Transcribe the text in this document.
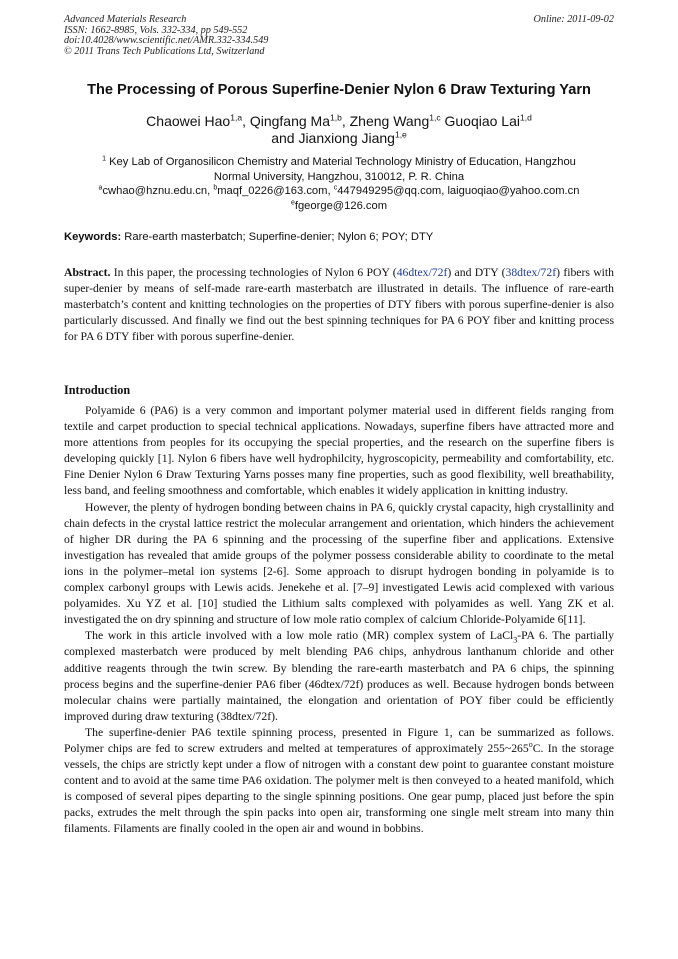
Advanced Materials Research
ISSN: 1662-8985, Vols. 332-334, pp 549-552
doi:10.4028/www.scientific.net/AMR.332-334.549
© 2011 Trans Tech Publications Ltd, Switzerland
Online: 2011-09-02
The Processing of Porous Superfine-Denier Nylon 6 Draw Texturing Yarn
Chaowei Hao$^{1,a}$, Qingfang Ma$^{1,b}$, Zheng Wang$^{1,c}$ Guoqiao Lai$^{1,d}$
and Jianxiong Jiang$^{1,e}$
$^1$ Key Lab of Organosilicon Chemistry and Material Technology Ministry of Education, Hangzhou
Normal University, Hangzhou, 310012, P. R. China
$^a$cwhao@hznu.edu.cn, $^b$maqf_0226@163.com, $^c$447949295@qq.com, laiguoqiao@yahoo.com.cn
$^e$fgeorge@126.com
Keywords: Rare-earth masterbatch; Superfine-denier; Nylon 6; POY; DTY
Abstract. In this paper, the processing technologies of Nylon 6 POY (46dtex/72f) and DTY (38dtex/72f) fibers with super-denier by means of self-made rare-earth masterbatch are illustrated in details. The influence of rare-earth masterbatch’s content and knitting technologies on the properties of DTY fibers with porous superfine-denier is also particularly discussed. And finally we find out the best spinning techniques for PA 6 POY fiber and knitting process for PA 6 DTY fiber with porous superfine-denier.
Introduction

Polyamide 6 (PA6) is a very common and important polymer material used in different fields ranging from textile and carpet production to special technical applications. Nowadays, superfine fibers have attracted more and more attentions from peoples for its occupying the special properties, and the research on the superfine fibers is developing quickly [1]. Nylon 6 fibers have well hydrophilcity, hygroscopicity, permeability and comfortability, etc. Fine Denier Nylon 6 Draw Texturing Yarns posses many fine properties, such as good flexibility, well breathability, less band, and feeling smoothness and comfortable, which enables it widely application in knitting industry.

However, the plenty of hydrogen bonding between chains in PA 6, quickly crystal capacity, high crystallinity and chain defects in the crystal lattice restrict the molecular arrangement and orientation, which hinders the achievement of higher DR during the PA 6 spinning and the processing of the superfine fiber and applications. Extensive investigation has revealed that amide groups of the polymer possess considerable ability to coordinate to the metal ions in the polymer–metal ion systems [2-6]. Some approach to disrupt hydrogen bonding in polyamide is to complex carbonyl groups with Lewis acids. Jenekehe et al. [7–9] investigated Lewis acid complexed with various polyamides. Xu YZ et al. [10] studied the Lithium salts complexed with polyamides as well. Yang ZK et al. investigated the on dry spinning and structure of low mole ratio complex of calcium Chloride-Polyamide 6[11].

The work in this article involved with a low mole ratio (MR) complex system of LaCl$_3$-PA 6. The partially complexed masterbatch were produced by melt blending PA6 chips, anhydrous lanthanum chloride and other additive reagents through the twin screw. By blending the rare-earth masterbatch and PA 6 chips, the spinning process begins and the superfine-denier PA6 fiber (46dtex/72f) produces as well. Because hydrogen bonds between molecular chains were partially maintained, the elongation and orientation of POY fiber could be efficiently improved during draw texturing (38dtex/72f).

The superfine-denier PA6 textile spinning process, presented in Figure 1, can be summarized as follows. Polymer chips are fed to screw extruders and melted at temperatures of approximately 255~265$^o$C. In the storage vessels, the chips are strictly kept under a flow of nitrogen with a constant dew point to guarantee constant moisture content and to avoid at the same time PA6 oxidation. The polymer melt is then conveyed to a heated manifold, which is composed of several pipes departing to the single spinning positions. One gear pump, placed just before the spin packs, extrudes the melt through the spin packs into open air, transforming one single melt stream into many thin filaments. Filaments are finally cooled in the open air and wound in bobbins.
